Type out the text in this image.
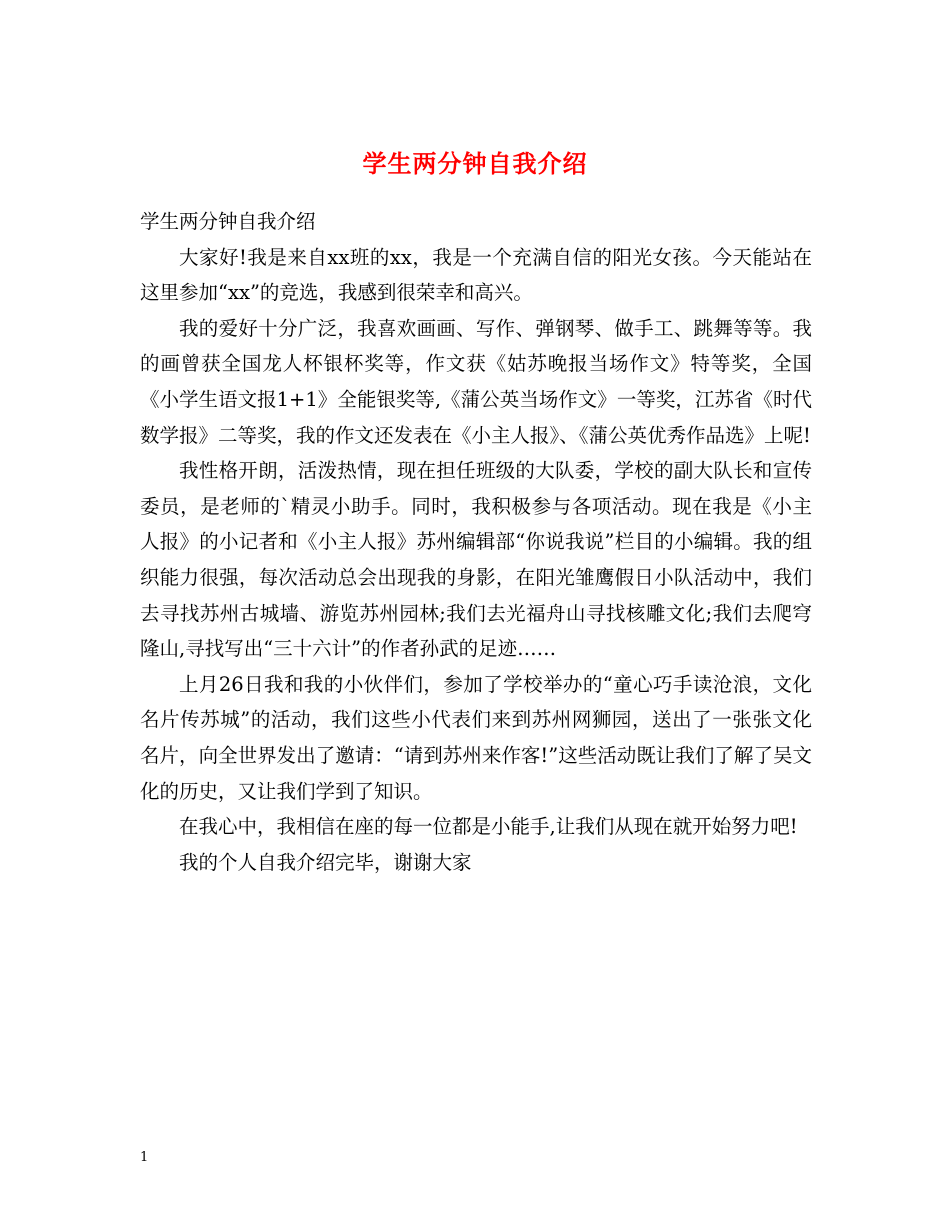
学生两分钟自我介绍

学生两分钟自我介绍

大家好!我是来自xx班的xx，我是一个充满自信的阳光女孩。今天能站在这里参加“xx”的竞选，我感到很荣幸和高兴。

我的爱好十分广泛，我喜欢画画、写作、弹钢琴、做手工、跳舞等等。我的画曾获全国龙人杯银杯奖等，作文获《姑苏晚报当场作文》特等奖，全国《小学生语文报1+1》全能银奖等,《蒲公英当场作文》一等奖，江苏省《时代数学报》二等奖，我的作文还发表在《小主人报》、《蒲公英优秀作品选》上呢!

我性格开朗，活泼热情，现在担任班级的大队委，学校的副大队长和宣传委员，是老师的`精灵小助手。同时，我积极参与各项活动。现在我是《小主人报》的小记者和《小主人报》苏州编辑部“你说我说”栏目的小编辑。我的组织能力很强，每次活动总会出现我的身影，在阳光雏鹰假日小队活动中，我们去寻找苏州古城墙、游览苏州园林;我们去光福舟山寻找核雕文化;我们去爬穹隆山,寻找写出“三十六计”的作者孙武的足迹……

上月26日我和我的小伙伴们，参加了学校举办的“童心巧手读沧浪，文化名片传苏城”的活动，我们这些小代表们来到苏州网狮园，送出了一张张文化名片，向全世界发出了邀请：“请到苏州来作客!”这些活动既让我们了解了吴文化的历史，又让我们学到了知识。

在我心中，我相信在座的每一位都是小能手,让我们从现在就开始努力吧!

我的个人自我介绍完毕，谢谢大家

1
